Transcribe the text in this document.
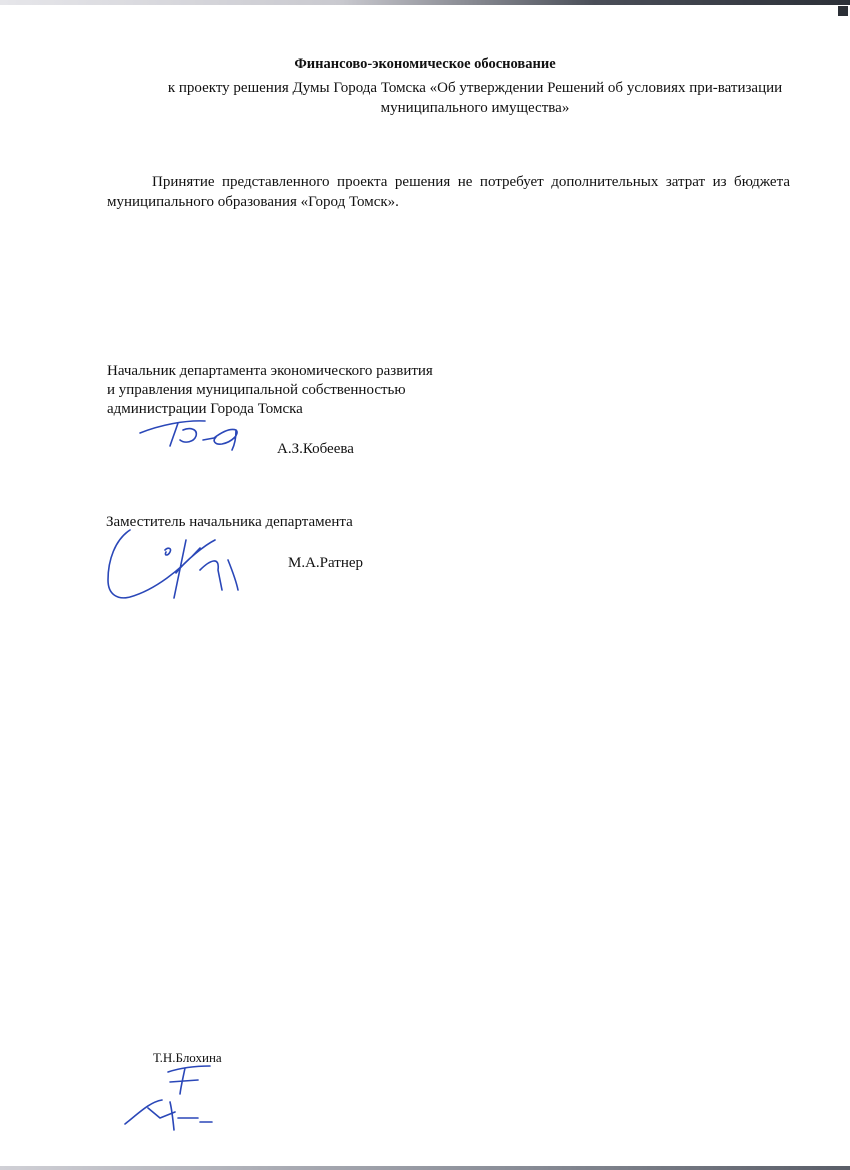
Финансово-экономическое обоснование
к проекту решения Думы Города Томска «Об утверждении Решений об условиях при-ватизации муниципального имущества»
Принятие представленного проекта решения не потребует дополнительных затрат из бюджета муниципального образования «Город Томск».
Начальник департамента экономического развития
и управления муниципальной собственностью
администрации Города Томска
А.З.Кобеева
Заместитель начальника департамента
М.А.Ратнер
Т.Н.Блохина
